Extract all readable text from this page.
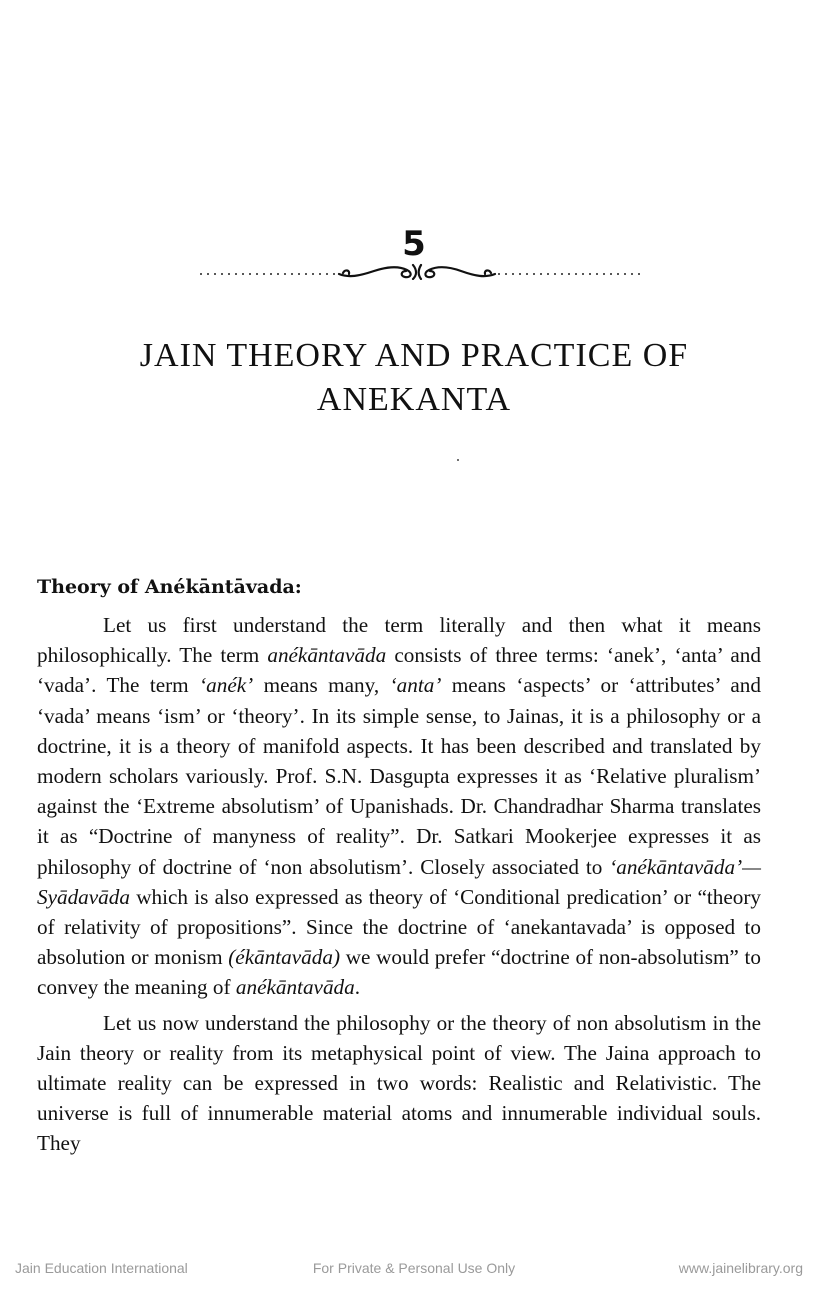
5
JAIN THEORY AND PRACTICE OF
ANEKANTA
Theory of Anékāntāvada:

Let us first understand the term literally and then what it means philosophically. The term anékāntavāda consists of three terms: ‘anek’, ‘anta’ and ‘vada’. The term ‘anék’ means many, ‘anta’ means ‘aspects’ or ‘attributes’ and ‘vada’ means ‘ism’ or ‘theory’. In its simple sense, to Jainas, it is a philosophy or a doctrine, it is a theory of manifold aspects. It has been described and translated by modern scholars variously. Prof. S.N. Dasgupta expresses it as ‘Relative pluralism’ against the ‘Extreme absolutism’ of Upanishads. Dr. Chandradhar Sharma translates it as “Doctrine of manyness of reality”. Dr. Satkari Mookerjee expresses it as philosophy of doctrine of ‘non absolutism’. Closely associated to ‘anékāntavāda’— Syādavāda which is also expressed as theory of ‘Conditional predication’ or “theory of relativity of propositions”. Since the doctrine of ‘anekantavada’ is opposed to absolution or monism (ékāntavāda) we would prefer “doctrine of non-absolutism” to convey the meaning of anékāntavāda.

Let us now understand the philosophy or the theory of non absolutism in the Jain theory or reality from its metaphysical point of view. The Jaina approach to ultimate reality can be expressed in two words: Realistic and Relativistic. The universe is full of innumerable material atoms and innumerable individual souls. They

Jain Education International	For Private & Personal Use Only	www.jainelibrary.org
